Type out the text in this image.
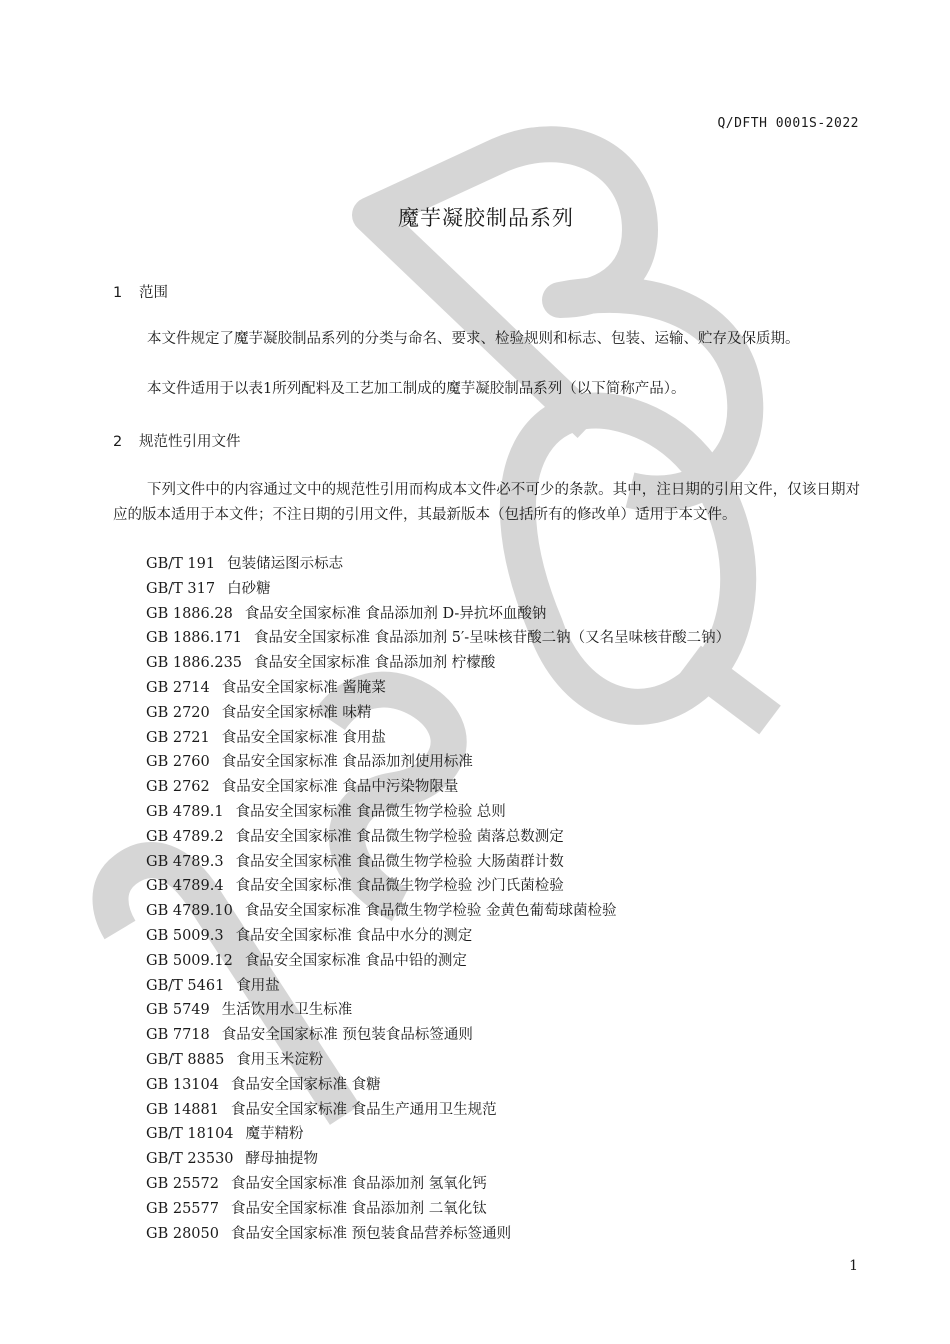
Q/DFTH 0001S-2022
魔芋凝胶制品系列
1 范围

本文件规定了魔芋凝胶制品系列的分类与命名、要求、检验规则和标志、包装、运输、贮存及保质期。

本文件适用于以表1所列配料及工艺加工制成的魔芋凝胶制品系列（以下简称产品）。

2 规范性引用文件

下列文件中的内容通过文中的规范性引用而构成本文件必不可少的条款。其中，注日期的引用文件，仅该日期对应的版本适用于本文件；不注日期的引用文件，其最新版本（包括所有的修改单）适用于本文件。

GB/T 191 包装储运图示标志
GB/T 317 白砂糖
GB 1886.28 食品安全国家标准 食品添加剂 D-异抗坏血酸钠
GB 1886.171 食品安全国家标准 食品添加剂 5′-呈味核苷酸二钠（又名呈味核苷酸二钠）
GB 1886.235 食品安全国家标准 食品添加剂 柠檬酸
GB 2714 食品安全国家标准 酱腌菜
GB 2720 食品安全国家标准 味精
GB 2721 食品安全国家标准 食用盐
GB 2760 食品安全国家标准 食品添加剂使用标准
GB 2762 食品安全国家标准 食品中污染物限量
GB 4789.1 食品安全国家标准 食品微生物学检验 总则
GB 4789.2 食品安全国家标准 食品微生物学检验 菌落总数测定
GB 4789.3 食品安全国家标准 食品微生物学检验 大肠菌群计数
GB 4789.4 食品安全国家标准 食品微生物学检验 沙门氏菌检验
GB 4789.10 食品安全国家标准 食品微生物学检验 金黄色葡萄球菌检验
GB 5009.3 食品安全国家标准 食品中水分的测定
GB 5009.12 食品安全国家标准 食品中铅的测定
GB/T 5461 食用盐
GB 5749 生活饮用水卫生标准
GB 7718 食品安全国家标准 预包装食品标签通则
GB/T 8885 食用玉米淀粉
GB 13104 食品安全国家标准 食糖
GB 14881 食品安全国家标准 食品生产通用卫生规范
GB/T 18104 魔芋精粉
GB/T 23530 酵母抽提物
GB 25572 食品安全国家标准 食品添加剂 氢氧化钙
GB 25577 食品安全国家标准 食品添加剂 二氧化钛
GB 28050 食品安全国家标准 预包装食品营养标签通则
1
